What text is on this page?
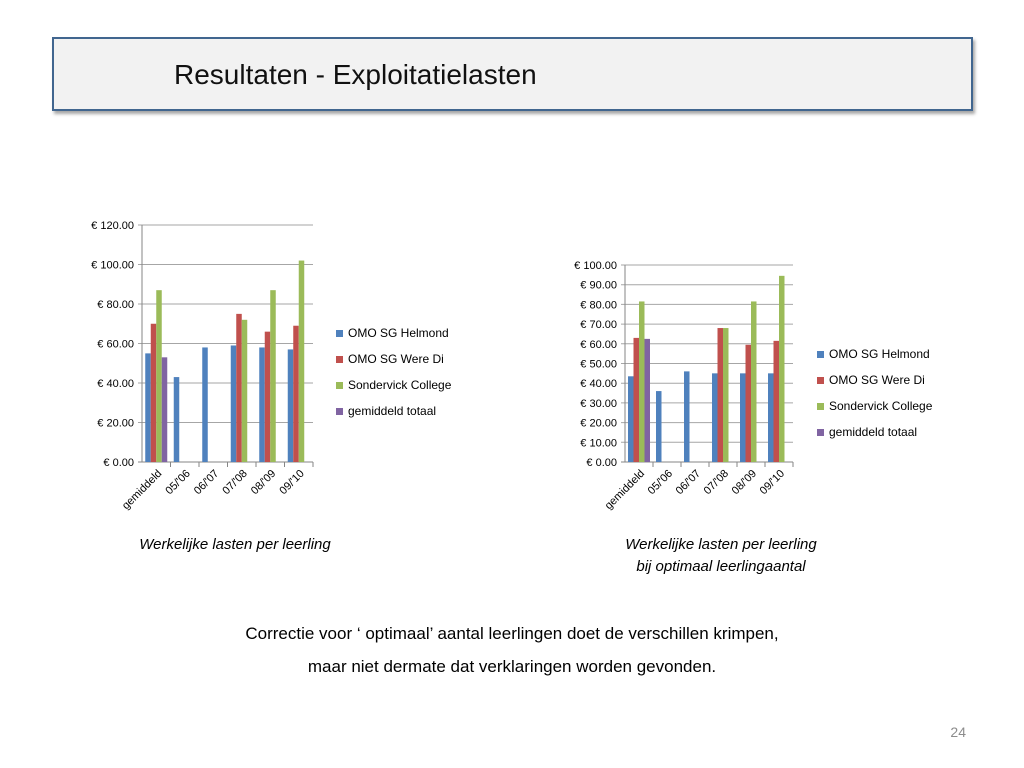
Resultaten - Exploitatielasten
€ 0.00
€ 20.00
€ 40.00
€ 60.00
€ 80.00
€ 100.00
€ 120.00
gemiddeld 05/'06 06/'07 07/'08 08/'09 09/'10
OMO SG Helmond
OMO SG Were Di
Sondervick College
gemiddeld totaal
€ 0.00
€ 10.00
€ 20.00
€ 30.00
€ 40.00
€ 50.00
€ 60.00
€ 70.00
€ 80.00
€ 90.00
€ 100.00
gemiddeld
05/'06
06/'07
07/'08
08/'09
09/'10
OMO SG Helmond
OMO SG Were Di
Sondervick College
gemiddeld totaal
Werkelijke lasten per leerling	Werkelijke lasten per leerling
bij optimaal leerlingaantal
Correctie voor ‘ optimaal’ aantal leerlingen doet de verschillen krimpen,
maar niet dermate dat verklaringen worden gevonden.
24
